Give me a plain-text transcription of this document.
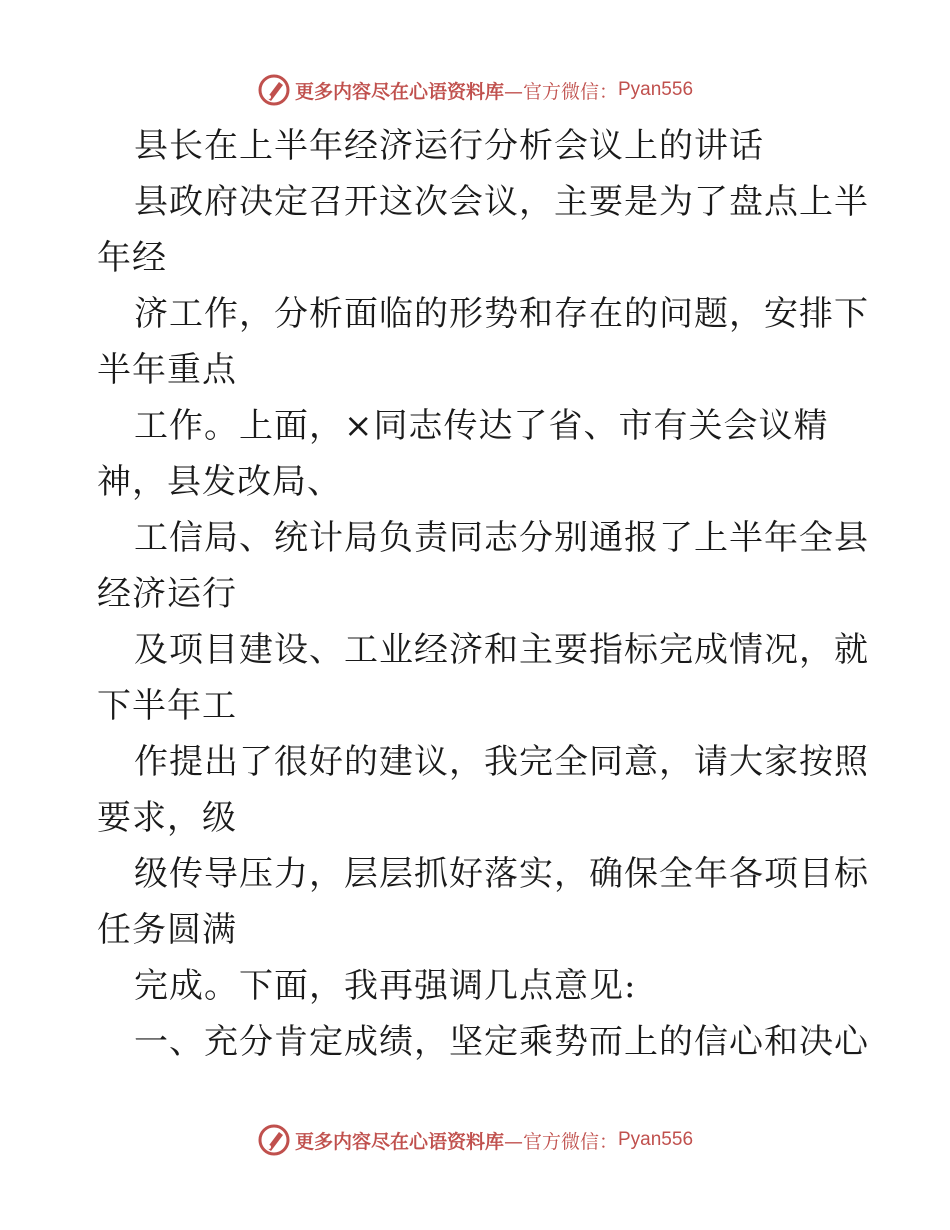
更多内容尽在心语资料库 —官方微信： Pyan556
县长在上半年经济运行分析会议上的讲话
县政府决定召开这次会议，主要是为了盘点上半
年经
济工作，分析面临的形势和存在的问题，安排下
半年重点
工作。上面，×同志传达了省、市有关会议精
神，县发改局、
工信局、统计局负责同志分别通报了上半年全县
经济运行
及项目建设、工业经济和主要指标完成情况，就
下半年工
作提出了很好的建议，我完全同意，请大家按照
要求，级
级传导压力，层层抓好落实，确保全年各项目标
任务圆满
完成。下面，我再强调几点意见:
一、充分肯定成绩，坚定乘势而上的信心和决心
更多内容尽在心语资料库 —官方微信： Pyan556
